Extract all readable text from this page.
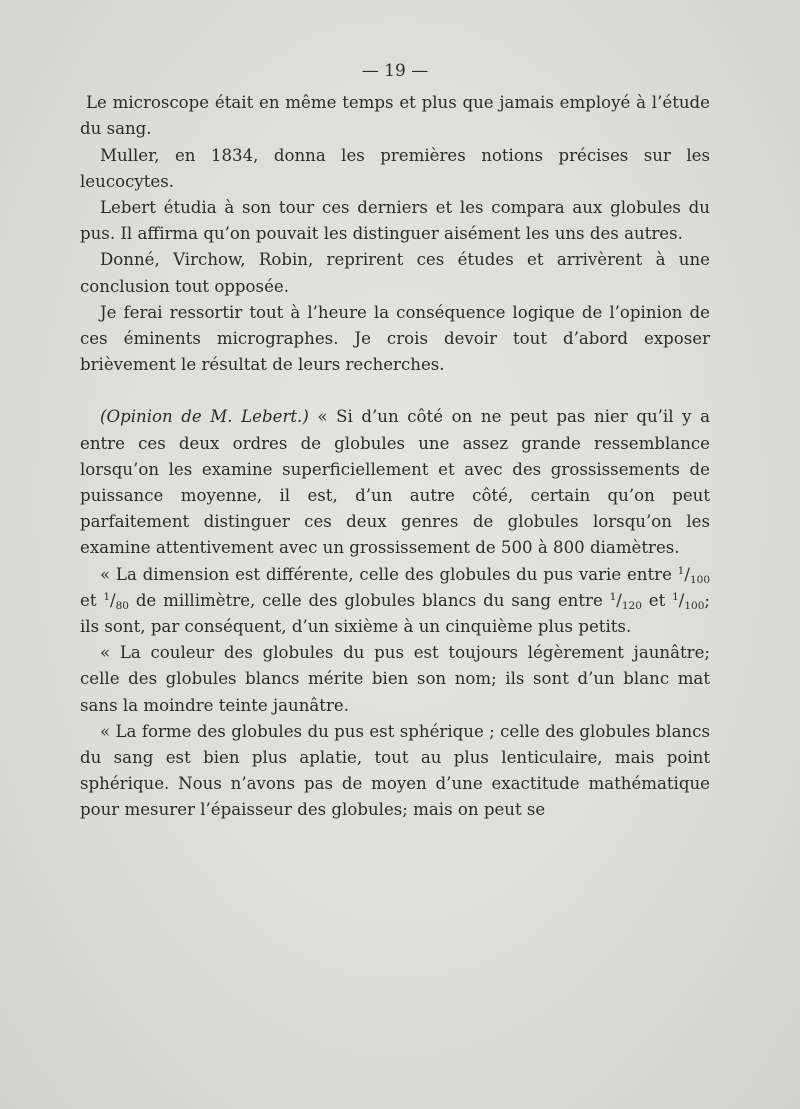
— 19 —

Le microscope était en même temps et plus que jamais employé à l’étude du sang.

Muller, en 1834, donna les premières notions précises sur les leucocytes.

Lebert étudia à son tour ces derniers et les compara aux globules du pus. Il affirma qu’on pouvait les distinguer aisément les uns des autres.

Donné, Virchow, Robin, reprirent ces études et arrivèrent à une conclusion tout opposée.

Je ferai ressortir tout à l’heure la conséquence logique de l’opinion de ces éminents micrographes. Je crois devoir tout d’abord exposer brièvement le résultat de leurs recherches.

(Opinion de M. Lebert.) « Si d’un côté on ne peut pas nier qu’il y a entre ces deux ordres de globules une assez grande ressemblance lorsqu’on les examine superficiellement et avec des grossissements de puissance moyenne, il est, d’un autre côté, certain qu’on peut parfaitement distinguer ces deux genres de globules lorsqu’on les examine attentivement avec un grossissement de 500 à 800 diamètres.

« La dimension est différente, celle des globules du pus varie entre $^1/_{100}$ et $^1/_{80}$ de millimètre, celle des globules blancs du sang entre $^1/_{120}$ et $^1/_{100}$; ils sont, par conséquent, d’un sixième à un cinquième plus petits.

« La couleur des globules du pus est toujours légèrement jaunâtre; celle des globules blancs mérite bien son nom; ils sont d’un blanc mat sans la moindre teinte jaunâtre.

« La forme des globules du pus est sphérique ; celle des globules blancs du sang est bien plus aplatie, tout au plus lenticulaire, mais point sphérique. Nous n’avons pas de moyen d’une exactitude mathématique pour mesurer l’épaisseur des globules; mais on peut se
